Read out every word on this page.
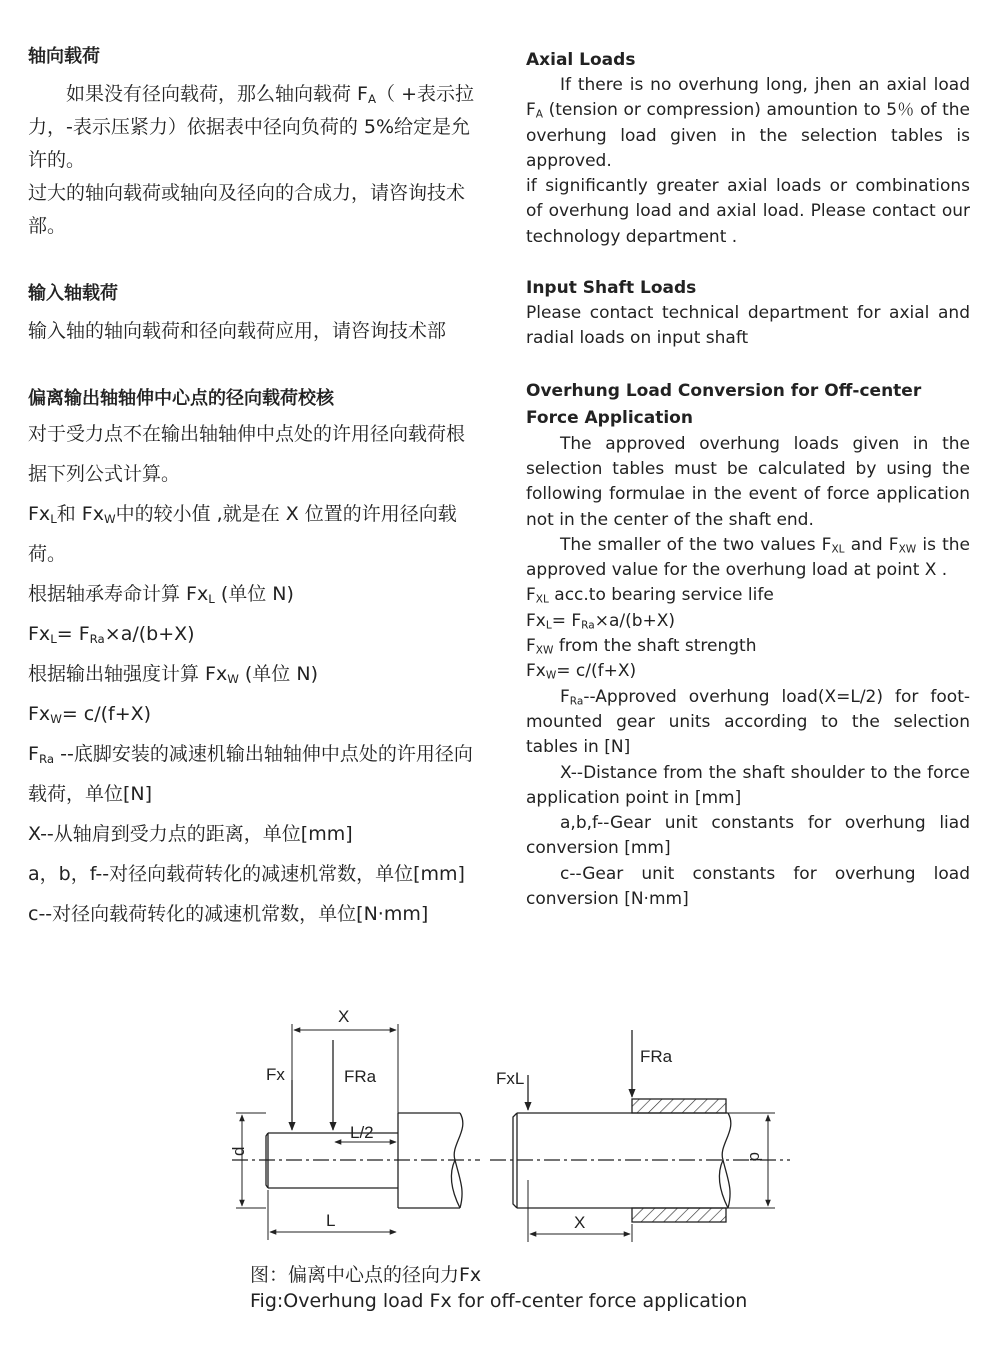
轴向载荷

如果没有径向载荷，那么轴向载荷 $F_A$（ +表示拉力，-表示压紧力）依据表中径向负荷的 5%给定是允许的。

过大的轴向载荷或轴向及径向的合成力，请咨询技术部。

输入轴载荷

输入轴的轴向载荷和径向载荷应用，请咨询技术部

偏离输出轴轴伸中心点的径向载荷校核

对于受力点不在输出轴轴伸中点处的许用径向载荷根据下列公式计算。

$Fx_L$和 $Fx_W$中的较小值 ,就是在 X 位置的许用径向载荷。

根据轴承寿命计算 $Fx_L$ (单位 N)

$Fx_L= F_{Ra}\times a/(b+X)$

根据输出轴强度计算 $Fx_W$ (单位 N)

$Fx_W= c/(f+X)$

$F_{Ra}$ --底脚安装的减速机输出轴轴伸中点处的许用径向载荷，单位[N]

X--从轴肩到受力点的距离，单位[mm]

a，b，f--对径向载荷转化的减速机常数，单位[mm]

c--对径向载荷转化的减速机常数，单位[N·mm]

Axial Loads

If there is no overhung long, jhen an axial load $F_A$ (tension or compression) amountion to 5％ of the overhung load given in the selection tables is approved.

if significantly greater axial loads or combinations of overhung load and axial load. Please contact our technology department .

Input Shaft Loads

Please contact technical department for axial and radial loads on input shaft

Overhung Load Conversion for Off-center Force Application

The approved overhung loads given in the selection tables must be calculated by using the following formulae in the event of force application not in the center of the shaft end.

The smaller of the two values $F_{XL}$ and $F_{XW}$ is the approved value for the overhung load at point X .

$F_{XL}$ acc.to bearing service life

$Fx_L= F_{Ra}\times a/(b+X)$

$F_{XW}$ from the shaft strength

$Fx_W= c/(f+X)$

$F_{Ra}-$-Approved overhung load(X=L/2) for foot-mounted gear units according to the selection tables in [N]

X--Distance from the shaft shoulder to the force application point in [mm]

a,b,f--Gear unit constants for overhung liad conversion [mm]

c--Gear unit constants for overhung load conversion [N·mm]

X
Fx	FRa
L/2
d
L
FxL
FRa
d
X
图：偏离中心点的径向力Fx
Fig:Overhung load Fx for off-center force application
